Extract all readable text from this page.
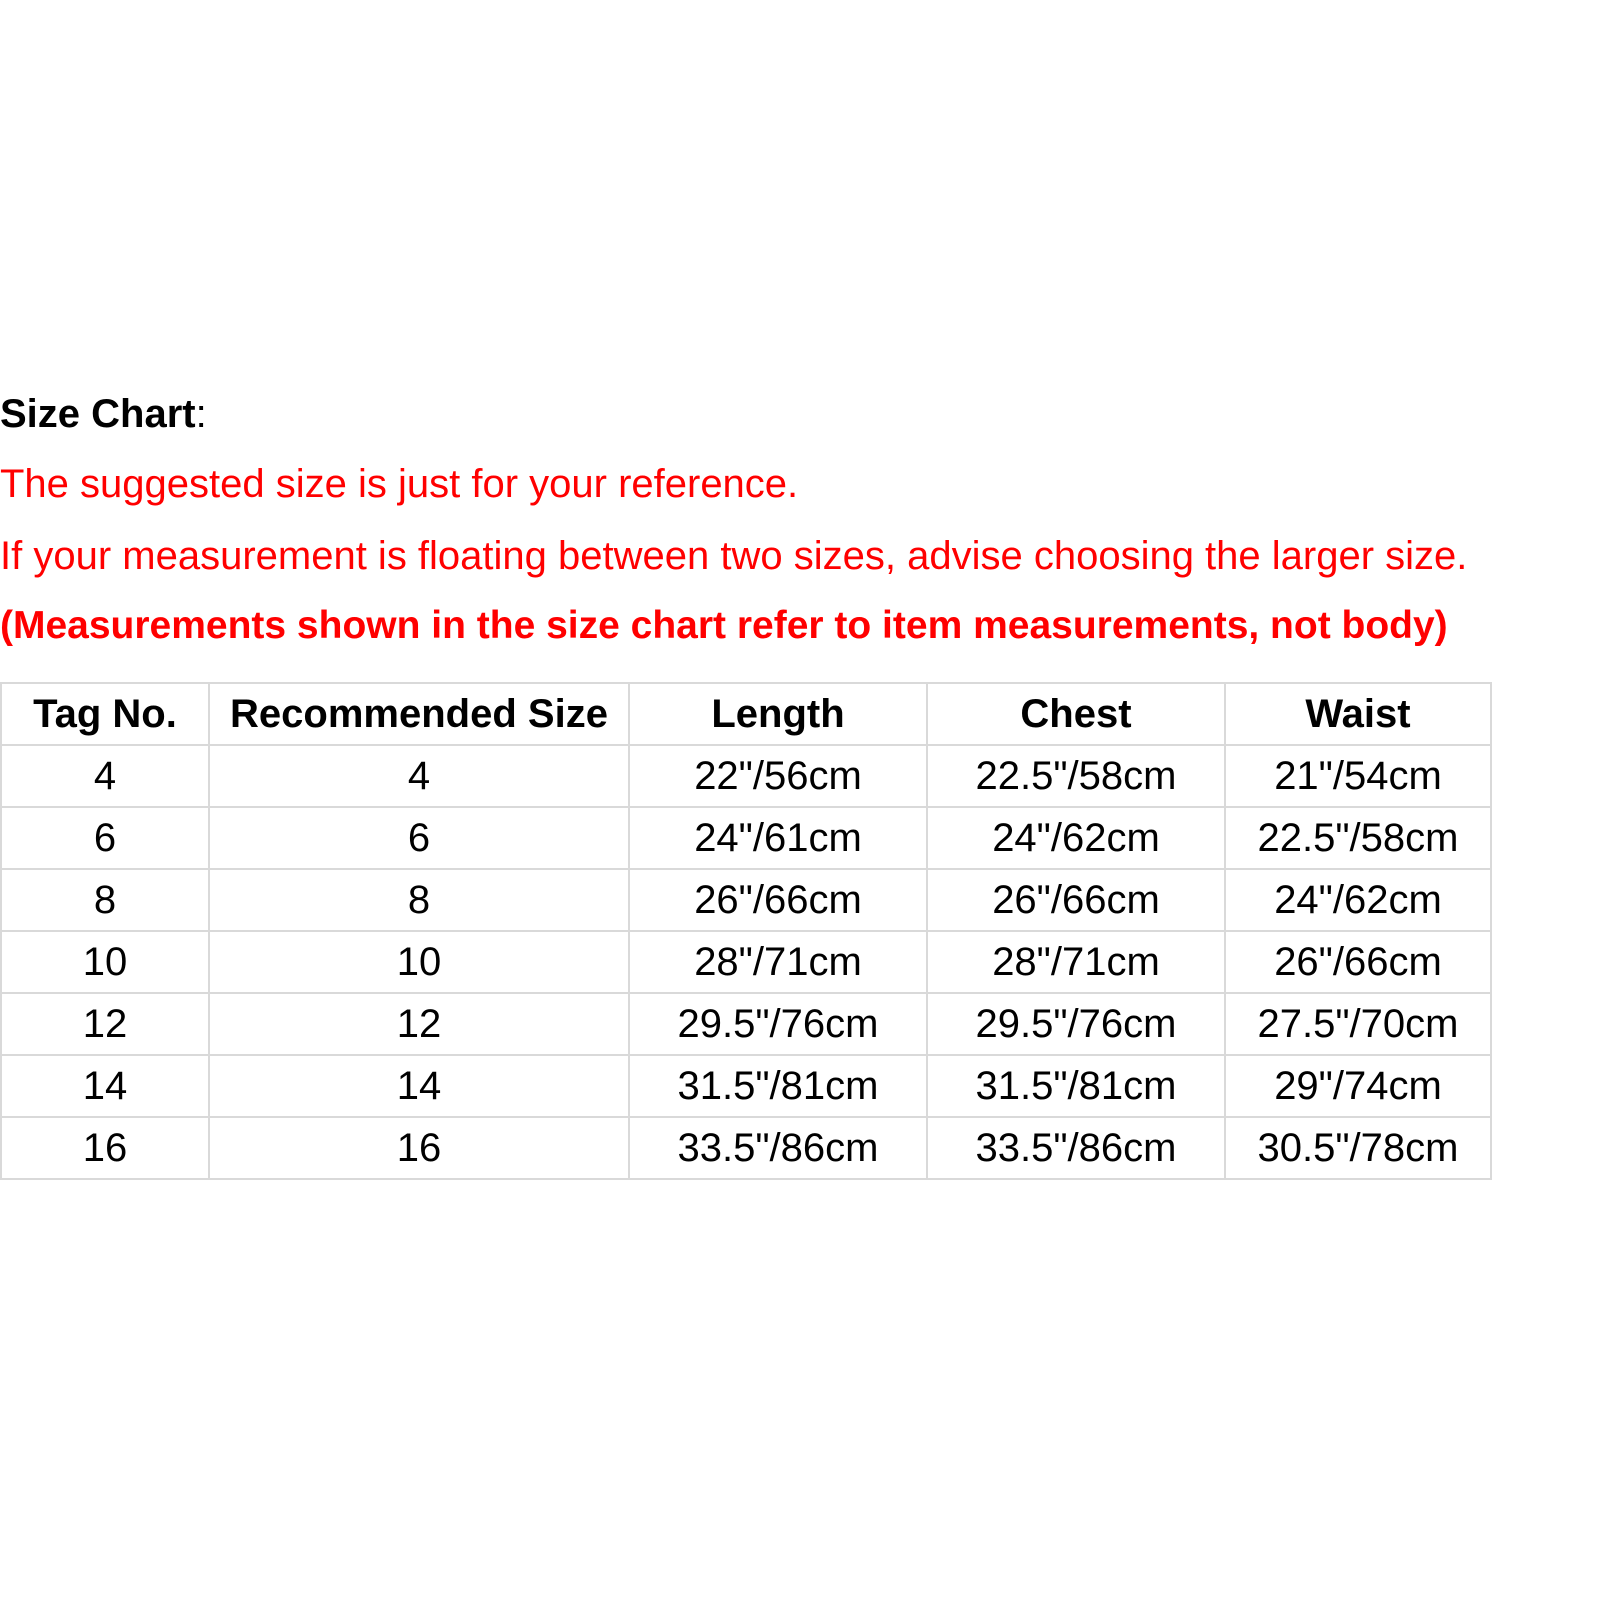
Size Chart:
The suggested size is just for your reference.
If your measurement is floating between two sizes, advise choosing the larger size.
(Measurements shown in the size chart refer to item measurements, not body)
Tag No.	Recommended Size	Length	Chest	Waist
4	4	22"/56cm	22.5"/58cm	21"/54cm
6	6	24"/61cm	24"/62cm	22.5"/58cm
8	8	26"/66cm	26"/66cm	24"/62cm
10	10	28"/71cm	28"/71cm	26"/66cm
12	12	29.5"/76cm	29.5"/76cm	27.5"/70cm
14	14	31.5"/81cm	31.5"/81cm	29"/74cm
16	16	33.5"/86cm	33.5"/86cm	30.5"/78cm
